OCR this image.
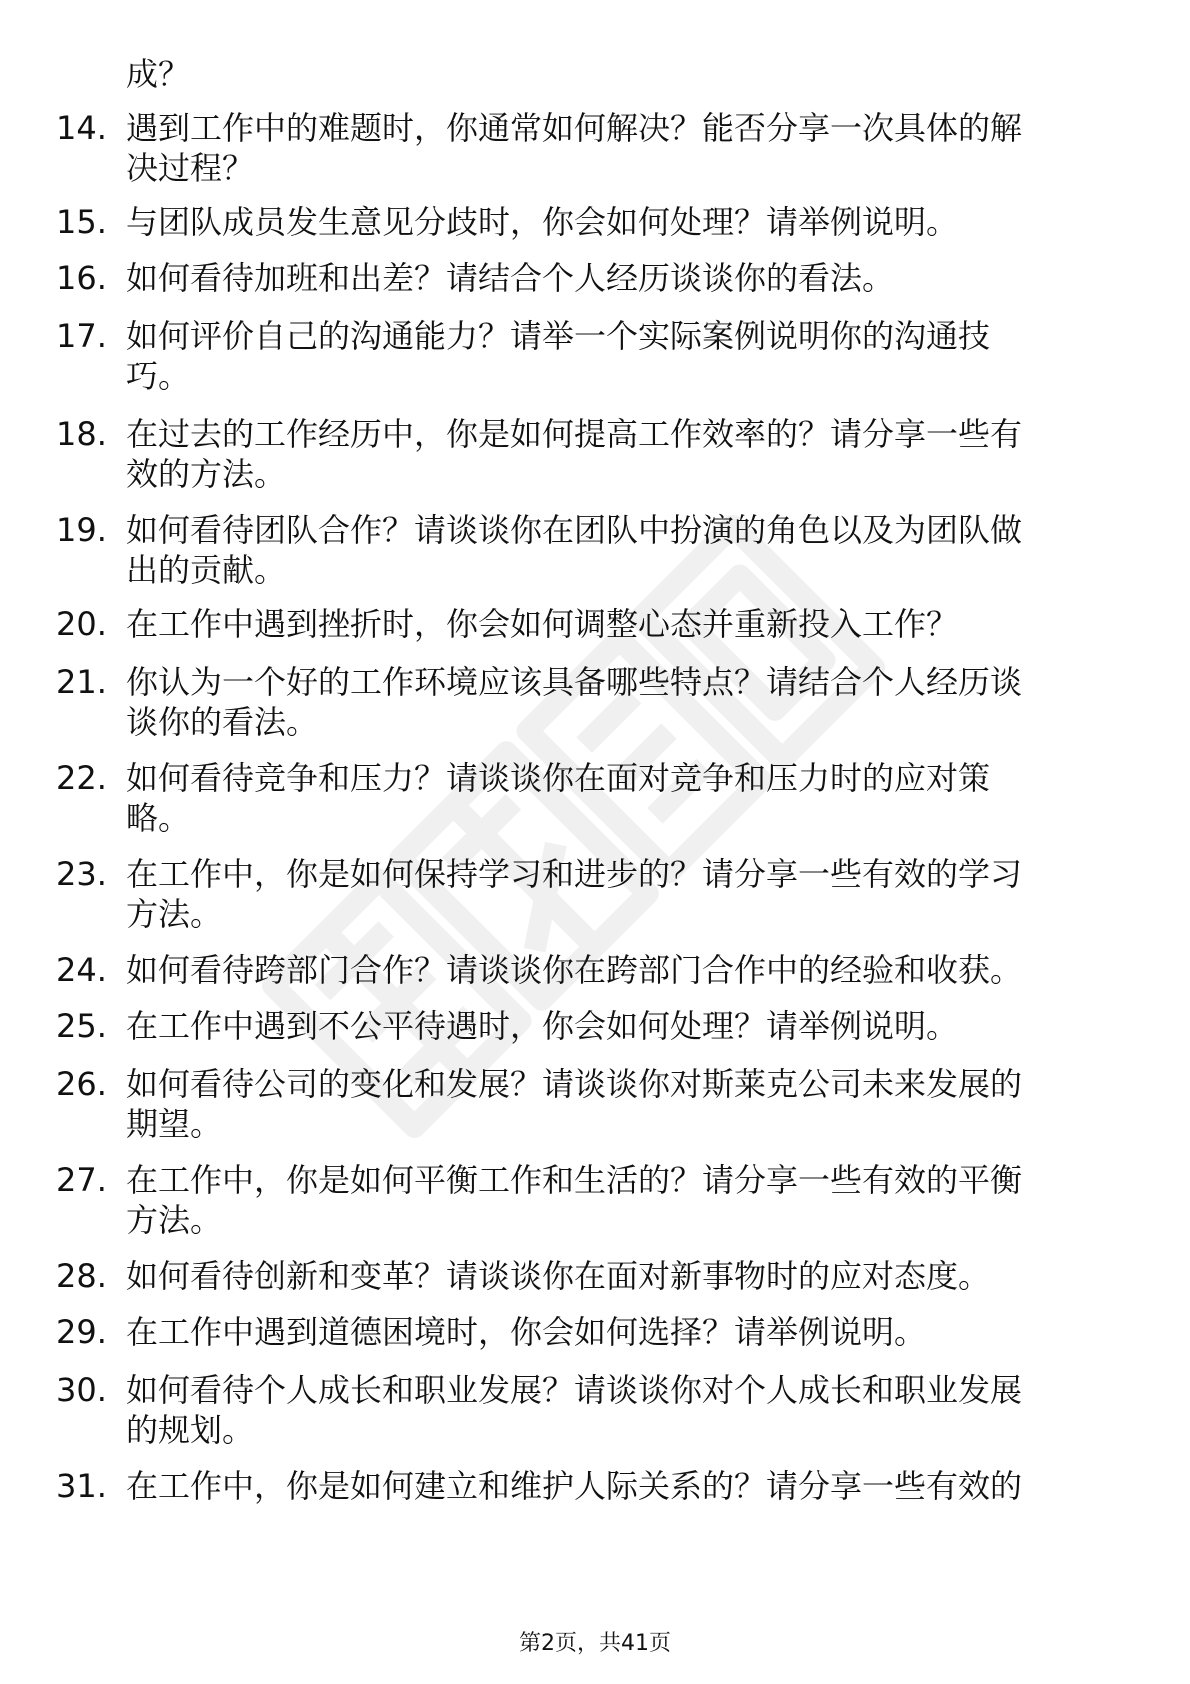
成？
14. 遇到工作中的难题时，你通常如何解决？能否分享一次具体的解
决过程？
15. 与团队成员发生意见分歧时，你会如何处理？请举例说明。
16. 如何看待加班和出差？请结合个人经历谈谈你的看法。
17. 如何评价自己的沟通能力？请举一个实际案例说明你的沟通技
巧。
18. 在过去的工作经历中，你是如何提高工作效率的？请分享一些有
效的方法。
19. 如何看待团队合作？请谈谈你在团队中扮演的角色以及为团队做
出的贡献。
20. 在工作中遇到挫折时，你会如何调整心态并重新投入工作？
21. 你认为一个好的工作环境应该具备哪些特点？请结合个人经历谈
谈你的看法。
22. 如何看待竞争和压力？请谈谈你在面对竞争和压力时的应对策
略。
23. 在工作中，你是如何保持学习和进步的？请分享一些有效的学习
方法。
24. 如何看待跨部门合作？请谈谈你在跨部门合作中的经验和收获。
25. 在工作中遇到不公平待遇时，你会如何处理？请举例说明。
26. 如何看待公司的变化和发展？请谈谈你对斯莱克公司未来发展的
期望。
27. 在工作中，你是如何平衡工作和生活的？请分享一些有效的平衡
方法。
28. 如何看待创新和变革？请谈谈你在面对新事物时的应对态度。
29. 在工作中遇到道德困境时，你会如何选择？请举例说明。
30. 如何看待个人成长和职业发展？请谈谈你对个人成长和职业发展
的规划。
31. 在工作中，你是如何建立和维护人际关系的？请分享一些有效的
第2页，共41页
